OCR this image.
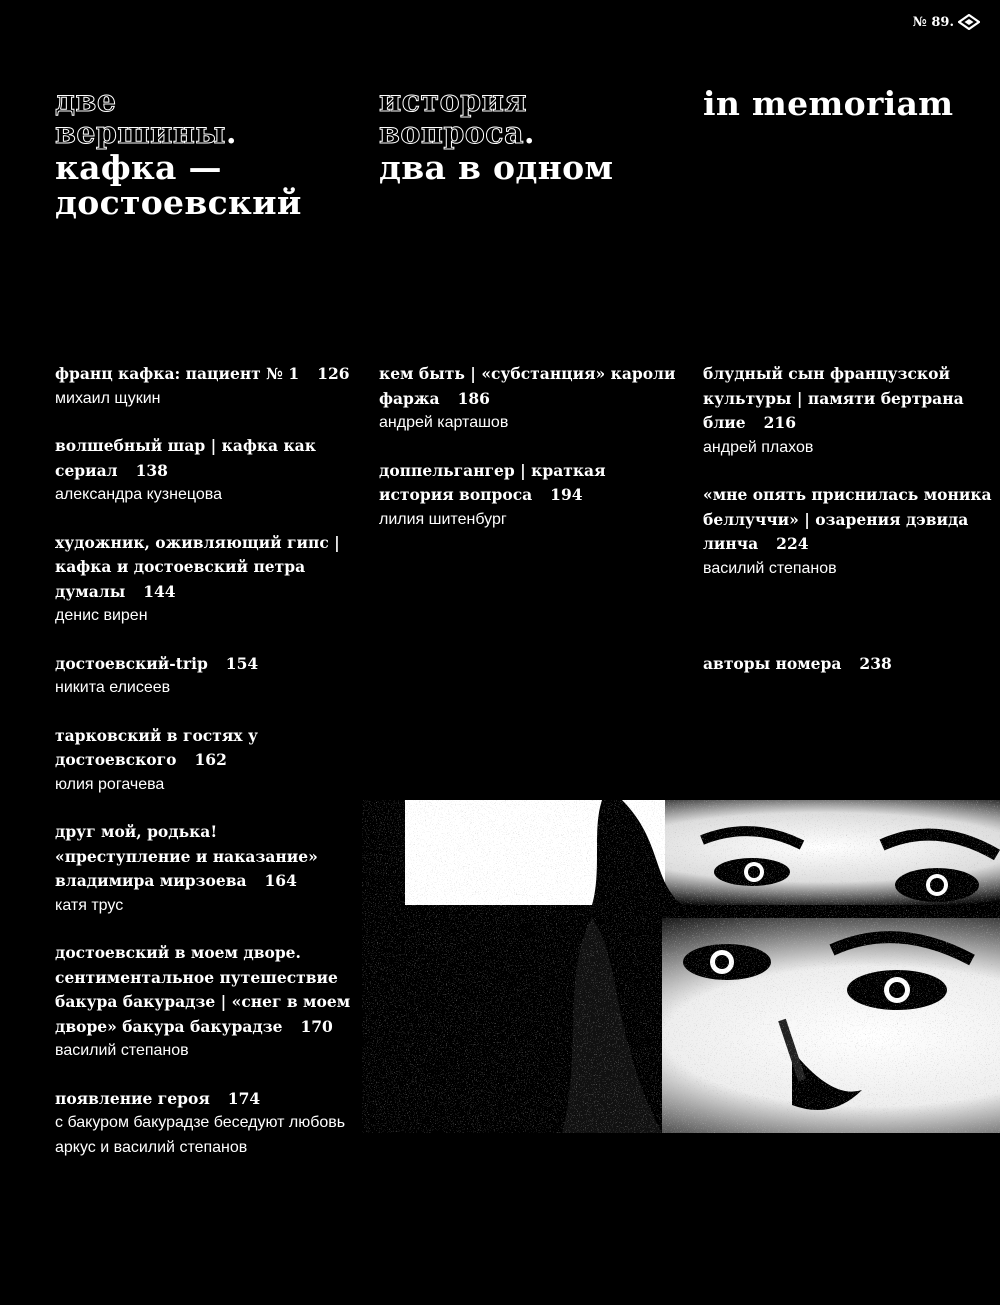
№ 89.
две
вершины.
кафка —
достоевский
франц кафка: пациент № 1 126
михаил щукин
волшебный шар | кафка как сериал 138
александра кузнецова
художник, оживляющий гипс | кафка и достоевский петра думалы 144
денис вирен
достоевский-trip 154
никита елисеев
тарковский в гостях у достоевского 162
юлия рогачева
друг мой, родька! «преступление и наказание» владимира мирзоева 164
катя трус
достоевский в моем дворе. сентиментальное путешествие бакура бакурадзе | «снег в моем дворе» бакура бакурадзе 170
василий степанов
появление героя 174
с бакуром бакурадзе беседуют любовь аркус и василий степанов
история
вопроса.
два в одном
кем быть | «субстанция» кароли фаржа 186
андрей карташов
доппельгангер | краткая история вопроса 194
лилия шитенбург
in memoriam
блудный сын французской культуры | памяти бертрана блие 216
андрей плахов
«мне опять приснилась моника беллуччи» | озарения дэвида линча 224
василий степанов
авторы номера 238
